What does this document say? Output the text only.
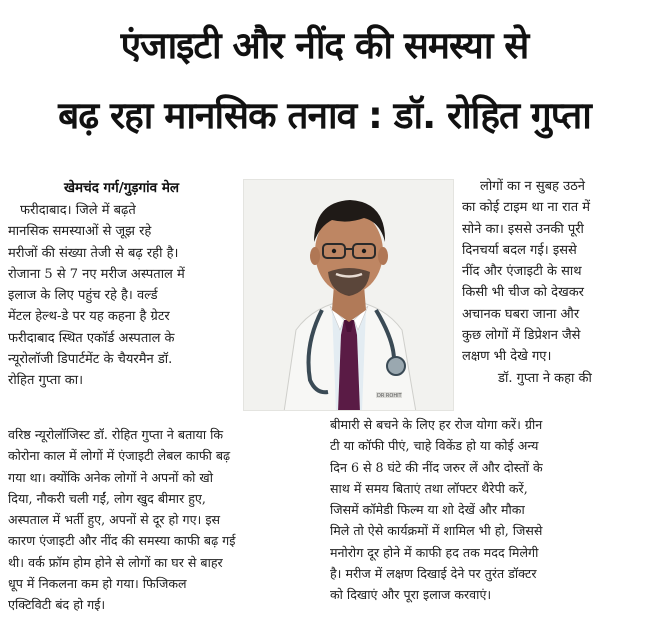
एंजाइटी और नींद की समस्या से
बढ़ रहा मानसिक तनाव : डॉ. रोहित गुप्ता
खेमचंद गर्ग/गुड़गांव मेल
फरीदाबाद। जिले में बढ़ते
मानसिक समस्याओं से जूझ रहे
मरीजों की संख्या तेजी से बढ़ रही है।
रोजाना 5 से 7 नए मरीज अस्पताल में
इलाज के लिए पहुंच रहे है। वर्ल्ड
मेंटल हेल्थ-डे पर यह कहना है ग्रेटर
फरीदाबाद स्थित एकॉर्ड अस्पताल के
न्यूरोलॉजी डिपार्टमेंट के चैयरमैन डॉ.
रोहित गुप्ता का।
DR ROHIT
लोगों का न सुबह उठने
का कोई टाइम था ना रात में
सोने का। इससे उनकी पूरी
दिनचर्या बदल गई। इससे
नींद और एंजाइटी के साथ
किसी भी चीज को देखकर
अचानक घबरा जाना और
कुछ लोगों में डिप्रेशन जैसे
लक्षण भी देखे गए।
डॉ. गुप्ता ने कहा की
वरिष्ठ न्यूरोलॉजिस्ट डॉ. रोहित गुप्ता ने बताया कि
कोरोना काल में लोगों में एंजाइटी लेबल काफी बढ़
गया था। क्योंकि अनेक लोगों ने अपनों को खो
दिया, नौकरी चली गईं, लोग खुद बीमार हुए,
अस्पताल में भर्ती हुए, अपनों से दूर हो गए। इस
कारण एंजाइटी और नींद की समस्या काफी बढ़ गई
थी। वर्क फ्रॉम होम होने से लोगों का घर से बाहर
धूप में निकलना कम हो गया। फिजिकल
एक्टिविटी बंद हो गई।
बीमारी से बचने के लिए हर रोज योगा करें। ग्रीन
टी या कॉफी पीएं, चाहे विकेंड हो या कोई अन्य
दिन 6 से 8 घंटे की नींद जरुर लें और दोस्तों के
साथ में समय बिताएं तथा लॉफ्टर थैरेपी करें,
जिसमें कॉमेडी फिल्म या शो देखें और मौका
मिले तो ऐसे कार्यक्रमों में शामिल भी हो, जिससे
मनोरोग दूर होने में काफी हद तक मदद मिलेगी
है। मरीज में लक्षण दिखाई देने पर तुरंत डॉक्टर
को दिखाएं और पूरा इलाज करवाएं।
